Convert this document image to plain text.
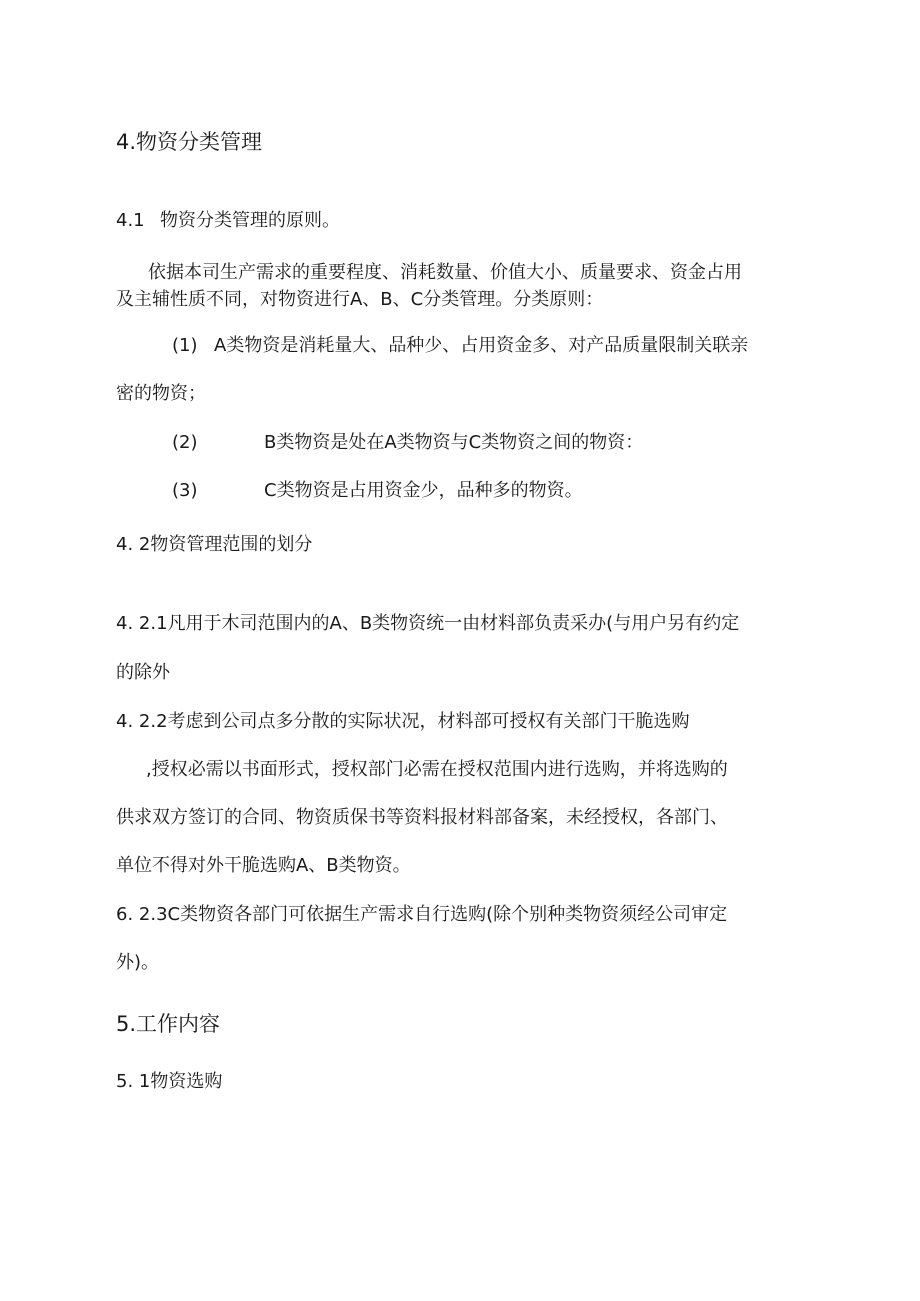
4.物资分类管理
4.1 物资分类管理的原则。
依据本司生产需求的重要程度、消耗数量、价值大小、质量要求、资金占用
及主辅性质不同，对物资进行A、B、C分类管理。分类原则：
(1) A类物资是消耗量大、品种少、占用资金多、对产品质量限制关联亲
密的物资；
(2)	B类物资是处在A类物资与C类物资之间的物资：
(3)	C类物资是占用资金少，品种多的物资。
4. 2物资管理范围的划分
4. 2.1凡用于木司范围内的A、B类物资统一由材料部负责采办(与用户另有约定
的除外
4. 2.2考虑到公司点多分散的实际状况，材料部可授权有关部门干脆选购
,授权必需以书面形式，授权部门必需在授权范围内进行选购，并将选购的
供求双方签订的合同、物资质保书等资料报材料部备案，未经授权，各部门、
单位不得对外干脆选购A、B类物资。
6. 2.3C类物资各部门可依据生产需求自行选购(除个别种类物资须经公司审定
外)。
5.工作内容
5. 1物资选购
